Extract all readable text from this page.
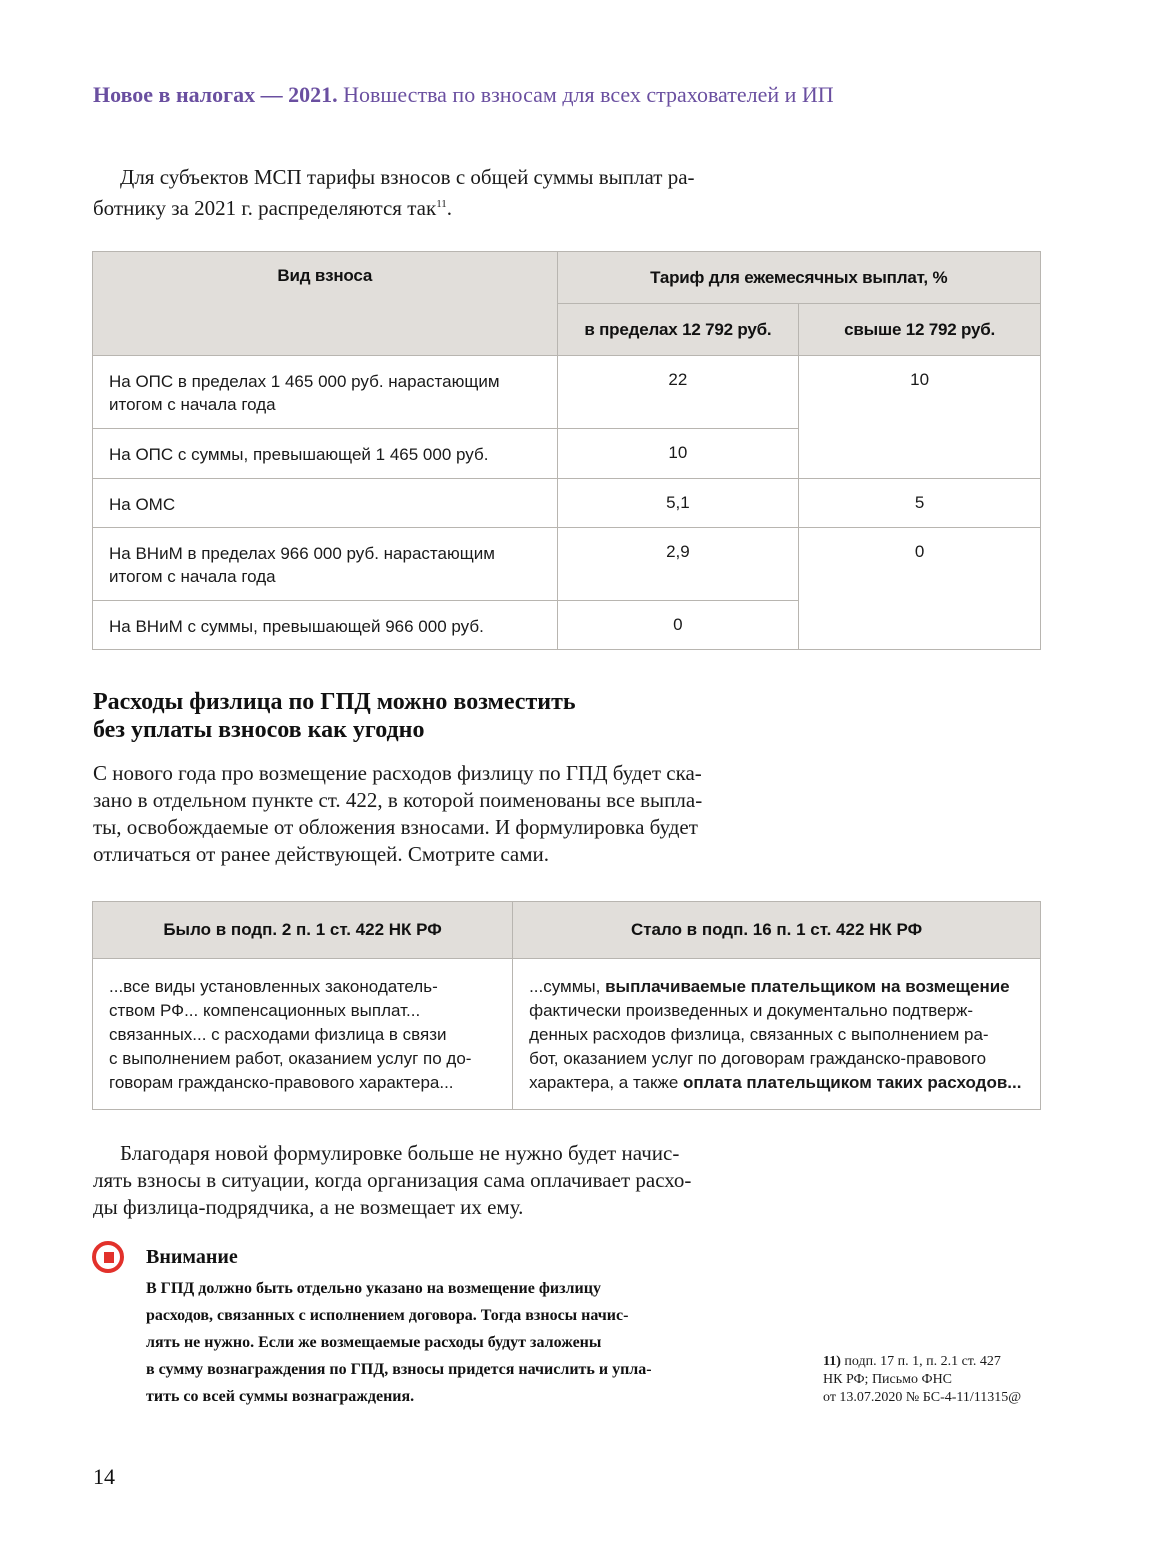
Новое в налогах — 2021. Новшества по взносам для всех страхователей и ИП
Для субъектов МСП тарифы взносов с общей суммы выплат ра-
ботнику за 2021 г. распределяются так$^{11}$.
Вид взноса	Тариф для ежемесячных выплат, %	
	в пределах 12 792 руб.	свыше 12 792 руб.
На ОПС в пределах 1 465 000 руб. нарастающим итогом с начала года	22	10
На ОПС с суммы, превышающей 1 465 000 руб.	10	
На ОМС	5,1	5
На ВНиМ в пределах 966 000 руб. нарастающим итогом с начала года	2,9	0
На ВНиМ с суммы, превышающей 966 000 руб.	0	
Расходы физлица по ГПД можно возместить
без уплаты взносов как угодно
С нового года про возмещение расходов физлицу по ГПД будет ска-
зано в отдельном пункте ст. 422, в которой поименованы все выпла-
ты, освобождаемые от обложения взносами. И формулировка будет
отличаться от ранее действующей. Смотрите сами.
Было в подп. 2 п. 1 ст. 422 НК РФ	Стало в подп. 16 п. 1 ст. 422 НК РФ

...все виды установленных законодатель-
ством РФ... компенсационных выплат...
связанных... с расходами физлица в связи
с выполнением работ, оказанием услуг по до-
говорам гражданско-правового характера...

...суммы, выплачиваемые плательщиком на возмещение
фактически произведенных и документально подтверж-
денных расходов физлица, связанных с выполнением ра-
бот, оказанием услуг по договорам гражданско-правового
характера, а также оплата плательщиком таких расходов...
Благодаря новой формулировке больше не нужно будет начис-
лять взносы в ситуации, когда организация сама оплачивает расхо-
ды физлица-подрядчика, а не возмещает их ему.
Внимание
В ГПД должно быть отдельно указано на возмещение физлицу
расходов, связанных с исполнением договора. Тогда взносы начис-
лять не нужно. Если же возмещаемые расходы будут заложены
в сумму вознаграждения по ГПД, взносы придется начислить и упла-
тить со всей суммы вознаграждения.
11) подп. 17 п. 1, п. 2.1 ст. 427
НК РФ; Письмо ФНС
от 13.07.2020 № БС-4-11/11315@
14
